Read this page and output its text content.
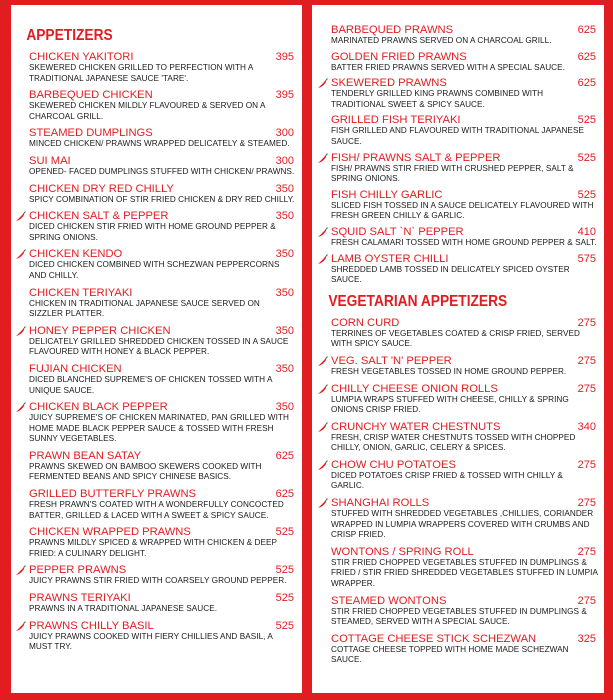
APPETIZERS
CHICKEN YAKITORI	395
SKEWERED CHICKEN GRILLED TO PERFECTION WITH A TRADITIONAL JAPANESE SAUCE 'TARE'.
BARBEQUED CHICKEN	395
SKEWERED CHICKEN MILDLY FLAVOURED & SERVED ON A CHARCOAL GRILL.
STEAMED DUMPLINGS	300
MINCED CHICKEN/ PRAWNS WRAPPED DELICATELY & STEAMED.
SUI MAI	300
OPENED- FACED DUMPLINGS STUFFED WITH CHICKEN/ PRAWNS.
CHICKEN DRY RED CHILLY	350
SPICY COMBINATION OF STIR FRIED CHICKEN & DRY RED CHILLY.
CHICKEN SALT & PEPPER	350
DICED CHICKEN STIR FRIED WITH HOME GROUND PEPPER & SPRING ONIONS.
CHICKEN KENDO	350
DICED CHICKEN COMBINED WITH SCHEZWAN PEPPERCORNS AND CHILLY.
CHICKEN TERIYAKI	350
CHICKEN IN TRADITIONAL JAPANESE SAUCE SERVED ON SIZZLER PLATTER.
HONEY PEPPER CHICKEN	350
DELICATELY GRILLED SHREDDED CHICKEN TOSSED IN A SAUCE FLAVOURED WITH HONEY & BLACK PEPPER.
FUJIAN CHICKEN	350
DICED BLANCHED SUPREME'S OF CHICKEN TOSSED WITH A UNIQUE SAUCE.
CHICKEN BLACK PEPPER	350
JUICY SUPREME'S OF CHICKEN MARINATED, PAN GRILLED WITH HOME MADE BLACK PEPPER SAUCE & TOSSED WITH FRESH SUNNY VEGETABLES.
PRAWN BEAN SATAY	625
PRAWNS SKEWED ON BAMBOO SKEWERS COOKED WITH FERMENTED BEANS AND SPICY CHINESE BASICS.
GRILLED BUTTERFLY PRAWNS	625
FRESH PRAWN'S COATED WITH A WONDERFULLY CONCOCTED BATTER, GRILLED & LACED WITH A SWEET & SPICY SAUCE.
CHICKEN WRAPPED PRAWNS	525
PRAWNS MILDLY SPICED & WRAPPED WITH CHICKEN & DEEP FRIED: A CULINARY DELIGHT.
PEPPER PRAWNS	525
JUICY PRAWNS STIR FRIED WITH COARSELY GROUND PEPPER.
PRAWNS TERIYAKI	525
PRAWNS IN A TRADITIONAL JAPANESE SAUCE.
PRAWNS CHILLY BASIL	525
JUICY PRAWNS COOKED WITH FIERY CHILLIES AND BASIL, A MUST TRY.
BARBEQUED PRAWNS	625
MARINATED PRAWNS SERVED ON A CHARCOAL GRILL.
GOLDEN FRIED PRAWNS	625
BATTER FRIED PRAWNS SERVED WITH A SPECIAL SAUCE.
SKEWERED PRAWNS	625
TENDERLY GRILLED KING PRAWNS COMBINED WITH TRADITIONAL SWEET & SPICY SAUCE.
GRILLED FISH TERIYAKI	525
FISH GRILLED AND FLAVOURED WITH TRADITIONAL JAPANESE SAUCE.
FISH/ PRAWNS SALT & PEPPER	525
FISH/ PRAWNS STIR FRIED WITH CRUSHED PEPPER, SALT & SPRING ONIONS.
FISH CHILLY GARLIC	525
SLICED FISH TOSSED IN A SAUCE DELICATELY FLAVOURED WITH FRESH GREEN CHILLY & GARLIC.
SQUID SALT `N` PEPPER	410
FRESH CALAMARI TOSSED WITH HOME GROUND PEPPER & SALT.
LAMB OYSTER CHILLI	575
SHREDDED LAMB TOSSED IN DELICATELY SPICED OYSTER SAUCE.
VEGETARIAN APPETIZERS
CORN CURD	275
TERRINES OF VEGETABLES COATED & CRISP FRIED, SERVED WITH SPICY SAUCE.
VEG. SALT 'N' PEPPER	275
FRESH VEGETABLES TOSSED IN HOME GROUND PEPPER.
CHILLY CHEESE ONION ROLLS	275
LUMPIA WRAPS STUFFED WITH CHEESE, CHILLY & SPRING ONIONS CRISP FRIED.
CRUNCHY WATER CHESTNUTS	340
FRESH, CRISP WATER CHESTNUTS TOSSED WITH CHOPPED CHILLY, ONION, GARLIC, CELERY & SPICES.
CHOW CHU POTATOES	275
DICED POTATOES CRISP FRIED & TOSSED WITH CHILLY & GARLIC.
SHANGHAI ROLLS	275
STUFFED WITH SHREDDED VEGETABLES ,CHILLIES, CORIANDER WRAPPED IN LUMPIA WRAPPERS COVERED WITH CRUMBS AND CRISP FRIED.
WONTONS / SPRING ROLL	275
STIR FRIED CHOPPED VEGETABLES STUFFED IN DUMPLINGS & FRIED / STIR FRIED SHREDDED VEGETABLES STUFFED IN LUMPIA WRAPPER.
STEAMED WONTONS	275
STIR FRIED CHOPPED VEGETABLES STUFFED IN DUMPLINGS & STEAMED, SERVED WITH A SPECIAL SAUCE.
COTTAGE CHEESE STICK SCHEZWAN	325
COTTAGE CHEESE TOPPED WITH HOME MADE SCHEZWAN SAUCE.
